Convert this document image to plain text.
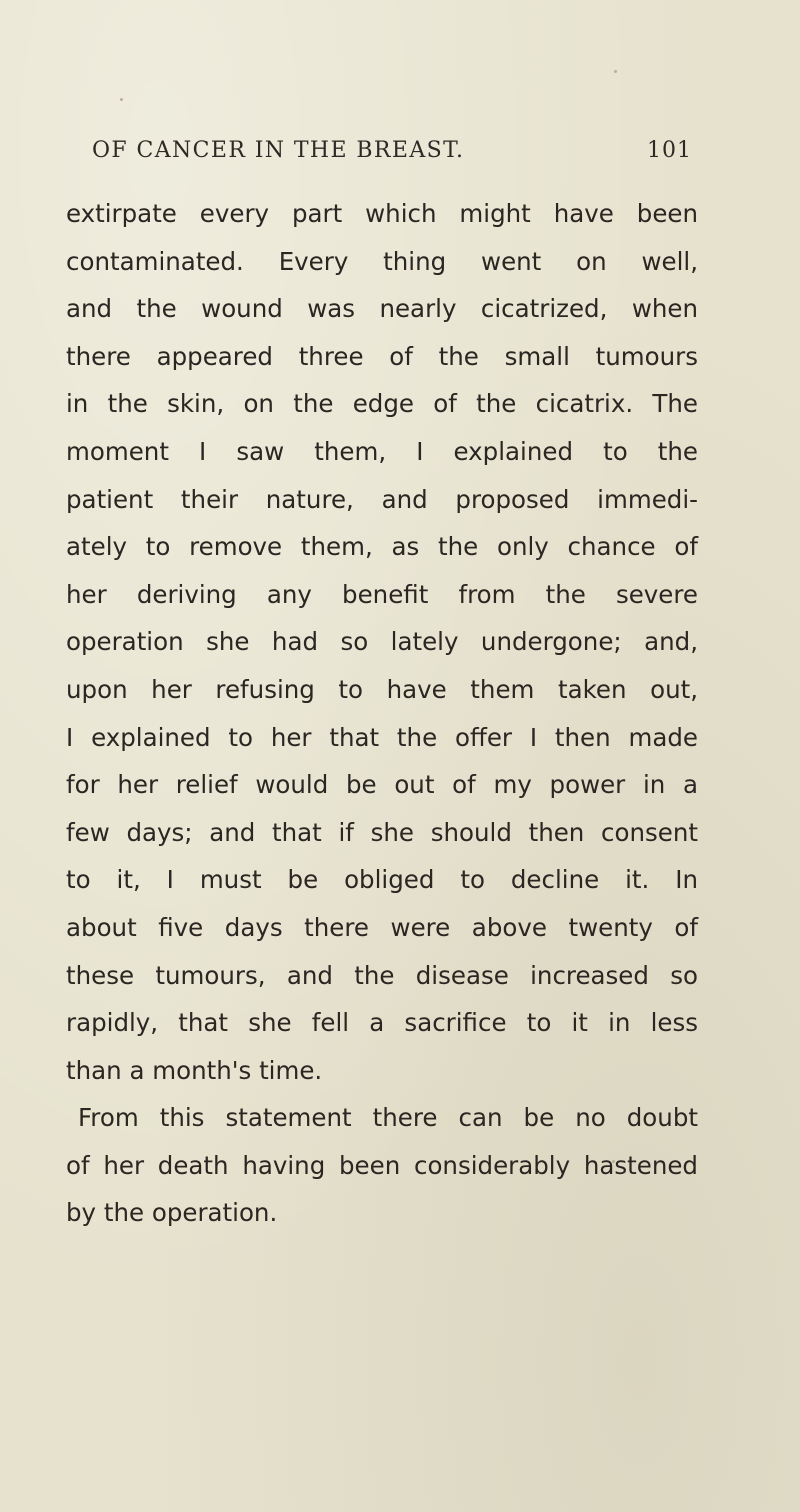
OF CANCER IN THE BREAST.	101
extirpate every part which might have been
contaminated. Every thing went on well,
and the wound was nearly cicatrized, when
there appeared three of the small tumours
in the skin, on the edge of the cicatrix. The
moment I saw them, I explained to the
patient their nature, and proposed immedi-
ately to remove them, as the only chance of
her deriving any benefit from the severe
operation she had so lately undergone; and,
upon her refusing to have them taken out,
I explained to her that the offer I then made
for her relief would be out of my power in a
few days; and that if she should then consent
to it, I must be obliged to decline it. In
about five days there were above twenty of
these tumours, and the disease increased so
rapidly, that she fell a sacrifice to it in less
than a month's time.
From this statement there can be no doubt
of her death having been considerably hastened
by the operation.
